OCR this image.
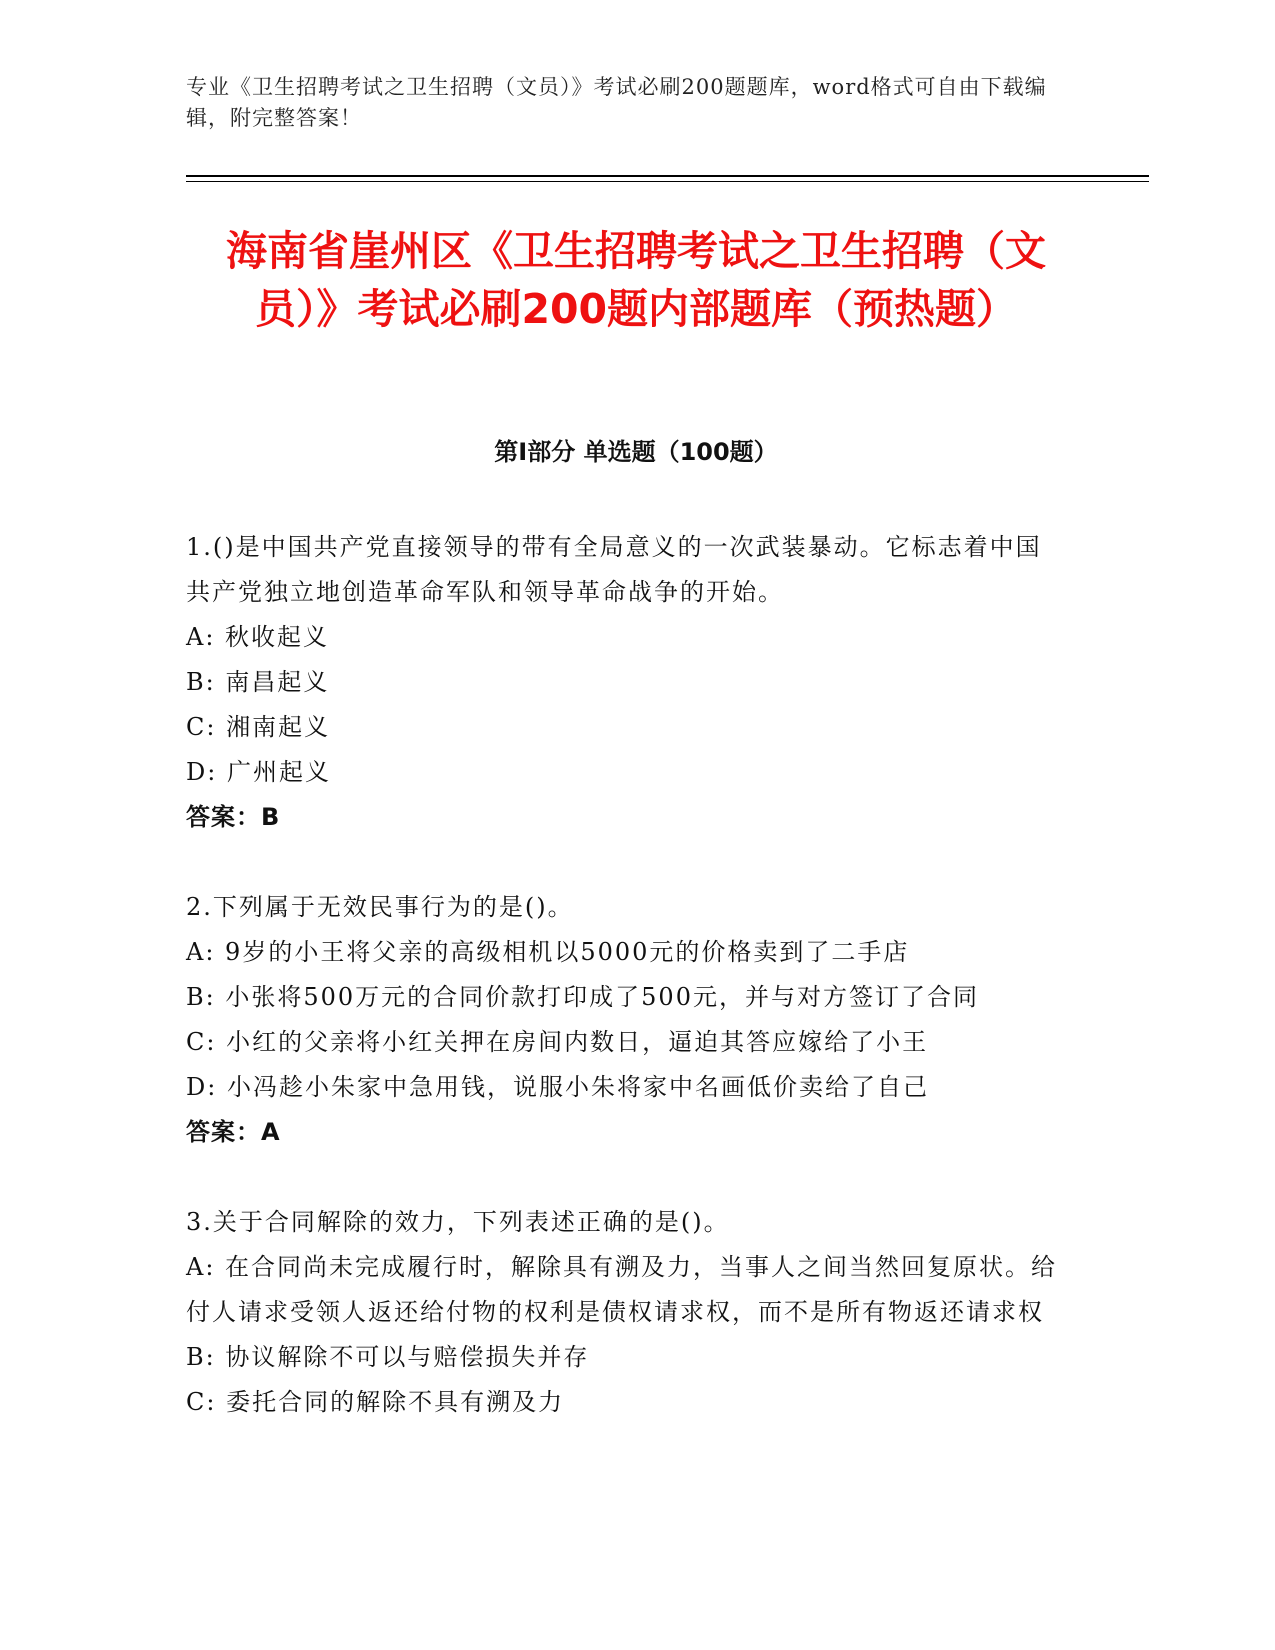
专业《卫生招聘考试之卫生招聘（文员）》考试必刷200题题库，word格式可自由下载编辑，附完整答案！
海南省崖州区《卫生招聘考试之卫生招聘（文员）》考试必刷200题内部题库（预热题）
第Ⅰ部分 单选题（100题）
1.()是中国共产党直接领导的带有全局意义的一次武装暴动。它标志着中国共产党独立地创造革命军队和领导革命战争的开始。
A: 秋收起义
B: 南昌起义
C: 湘南起义
D: 广州起义
答案：B
2.下列属于无效民事行为的是()。
A: 9岁的小王将父亲的高级相机以5000元的价格卖到了二手店
B: 小张将500万元的合同价款打印成了500元，并与对方签订了合同
C: 小红的父亲将小红关押在房间内数日，逼迫其答应嫁给了小王
D: 小冯趁小朱家中急用钱，说服小朱将家中名画低价卖给了自己
答案：A
3.关于合同解除的效力，下列表述正确的是()。
A: 在合同尚未完成履行时，解除具有溯及力，当事人之间当然回复原状。给付人请求受领人返还给付物的权利是债权请求权，而不是所有物返还请求权
B: 协议解除不可以与赔偿损失并存
C: 委托合同的解除不具有溯及力
